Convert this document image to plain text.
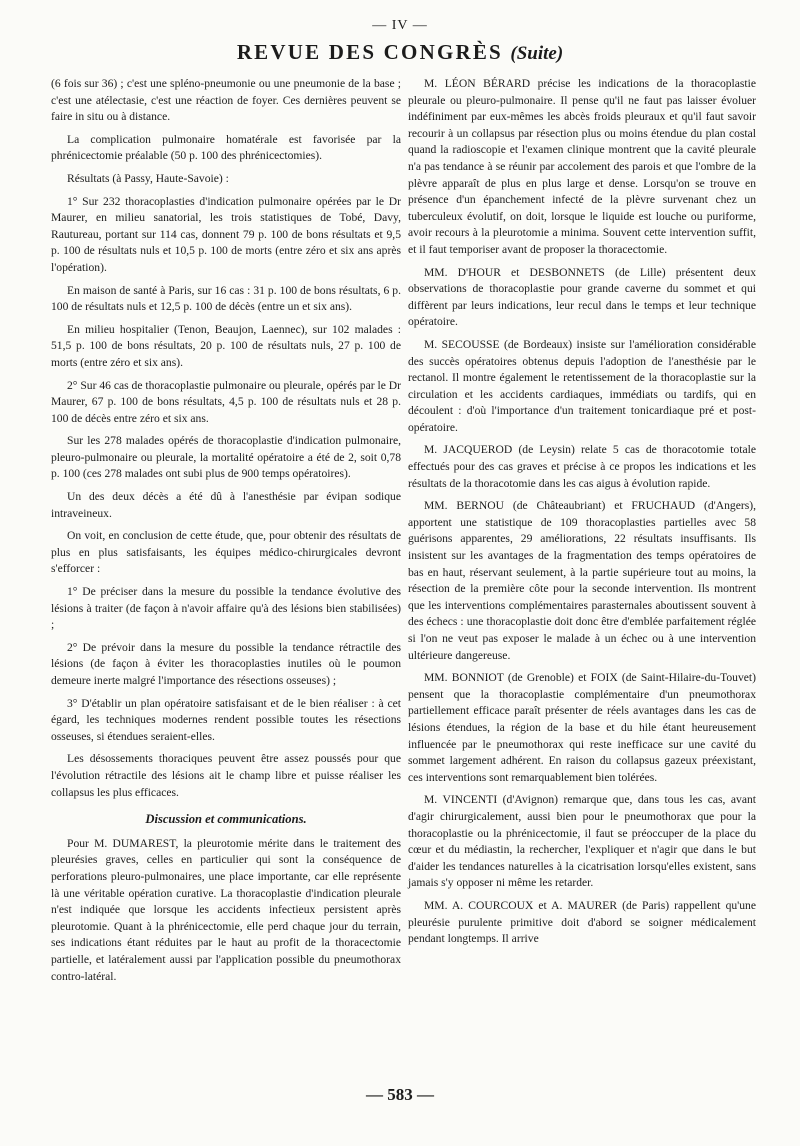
— IV —
REVUE DES CONGRÈS (Suite)

(6 fois sur 36) ; c'est une spléno-pneumonie ou une pneumonie de la base ; c'est une atélectasie, c'est une réaction de foyer. Ces dernières peuvent se faire in situ ou à distance.

La complication pulmonaire homatérale est favorisée par la phrénicectomie préalable (50 p. 100 des phrénicectomies).

Résultats (à Passy, Haute-Savoie) :

1° Sur 232 thoracoplasties d'indication pulmonaire opérées par le Dr Maurer, en milieu sanatorial, les trois statistiques de Tobé, Davy, Rautureau, portant sur 114 cas, donnent 79 p. 100 de bons résultats et 9,5 p. 100 de résultats nuls et 10,5 p. 100 de morts (entre zéro et six ans après l'opération).

En maison de santé à Paris, sur 16 cas : 31 p. 100 de bons résultats, 6 p. 100 de résultats nuls et 12,5 p. 100 de décès (entre un et six ans).

En milieu hospitalier (Tenon, Beaujon, Laennec), sur 102 malades : 51,5 p. 100 de bons résultats, 20 p. 100 de résultats nuls, 27 p. 100 de morts (entre zéro et six ans).

2° Sur 46 cas de thoracoplastie pulmonaire ou pleurale, opérés par le Dr Maurer, 67 p. 100 de bons résultats, 4,5 p. 100 de résultats nuls et 28 p. 100 de décès entre zéro et six ans.

Sur les 278 malades opérés de thoracoplastie d'indication pulmonaire, pleuro-pulmonaire ou pleurale, la mortalité opératoire a été de 2, soit 0,78 p. 100 (ces 278 malades ont subi plus de 900 temps opératoires).

Un des deux décès a été dû à l'anesthésie par évipan sodique intraveineux.

On voit, en conclusion de cette étude, que, pour obtenir des résultats de plus en plus satisfaisants, les équipes médico-chirurgicales devront s'efforcer :

1° De préciser dans la mesure du possible la tendance évolutive des lésions à traiter (de façon à n'avoir affaire qu'à des lésions bien stabilisées) ;

2° De prévoir dans la mesure du possible la tendance rétractile des lésions (de façon à éviter les thoracoplasties inutiles où le poumon demeure inerte malgré l'importance des résections osseuses) ;

3° D'établir un plan opératoire satisfaisant et de le bien réaliser : à cet égard, les techniques modernes rendent possible toutes les résections osseuses, si étendues seraient-elles.

Les désossements thoraciques peuvent être assez poussés pour que l'évolution rétractile des lésions ait le champ libre et puisse réaliser les collapsus les plus efficaces.

Discussion et communications.

Pour M. DUMAREST, la pleurotomie mérite dans le traitement des pleurésies graves, celles en particulier qui sont la conséquence de perforations pleuro-pulmonaires, une place importante, car elle représente là une véritable opération curative. La thoracoplastie d'indication pleurale n'est indiquée que lorsque les accidents infectieux persistent après pleurotomie. Quant à la phrénicectomie, elle perd chaque jour du terrain, ses indications étant réduites par le haut au profit de la thoracectomie partielle, et latéralement aussi par l'application possible du pneumothorax contro-latéral.

M. LÉON BÉRARD précise les indications de la thoracoplastie pleurale ou pleuro-pulmonaire. Il pense qu'il ne faut pas laisser évoluer indéfiniment par eux-mêmes les abcès froids pleuraux et qu'il faut savoir recourir à un collapsus par résection plus ou moins étendue du plan costal quand la radioscopie et l'examen clinique montrent que la cavité pleurale n'a pas tendance à se réunir par accolement des parois et que l'ombre de la plèvre apparaît de plus en plus large et dense. Lorsqu'on se trouve en présence d'un épanchement infecté de la plèvre survenant chez un tuberculeux évolutif, on doit, lorsque le liquide est louche ou puriforme, avoir recours à la pleurotomie a minima. Souvent cette intervention suffit, et il faut temporiser avant de proposer la thoracectomie.

MM. D'HOUR et DESBONNETS (de Lille) présentent deux observations de thoracoplastie pour grande caverne du sommet et qui diffèrent par leurs indications, leur recul dans le temps et leur technique opératoire.

M. SECOUSSE (de Bordeaux) insiste sur l'amélioration considérable des succès opératoires obtenus depuis l'adoption de l'anesthésie par le rectanol. Il montre également le retentissement de la thoracoplastie sur la circulation et les accidents cardiaques, immédiats ou tardifs, qui en découlent : d'où l'importance d'un traitement tonicardiaque pré et post-opératoire.

M. JACQUEROD (de Leysin) relate 5 cas de thoracotomie totale effectués pour des cas graves et précise à ce propos les indications et les résultats de la thoracotomie dans les cas aigus à évolution rapide.

MM. BERNOU (de Châteaubriant) et FRUCHAUD (d'Angers), apportent une statistique de 109 thoracoplasties partielles avec 58 guérisons apparentes, 29 améliorations, 22 résultats insuffisants. Ils insistent sur les avantages de la fragmentation des temps opératoires de bas en haut, réservant seulement, à la partie supérieure tout au moins, la résection de la première côte pour la seconde intervention. Ils montrent que les interventions complémentaires parasternales aboutissent souvent à des échecs : une thoracoplastie doit donc être d'emblée parfaitement réglée si l'on ne veut pas exposer le malade à un échec ou à une intervention ultérieure dangereuse.

MM. BONNIOT (de Grenoble) et FOIX (de Saint-Hilaire-du-Touvet) pensent que la thoracoplastie complémentaire d'un pneumothorax partiellement efficace paraît présenter de réels avantages dans les cas de lésions étendues, la région de la base et du hile étant heureusement influencée par le pneumothorax qui reste inefficace sur une cavité du sommet largement adhérent. En raison du collapsus gazeux préexistant, ces interventions sont remarquablement bien tolérées.

M. VINCENTI (d'Avignon) remarque que, dans tous les cas, avant d'agir chirurgicalement, aussi bien pour le pneumothorax que pour la thoracoplastie ou la phrénicectomie, il faut se préoccuper de la place du cœur et du médiastin, la rechercher, l'expliquer et n'agir que dans le but d'aider les tendances naturelles à la cicatrisation lorsqu'elles existent, sans jamais s'y opposer ni même les retarder.

MM. A. COURCOUX et A. MAURER (de Paris) rappellent qu'une pleurésie purulente primitive doit d'abord se soigner médicalement pendant longtemps. Il arrive

— 583 —
